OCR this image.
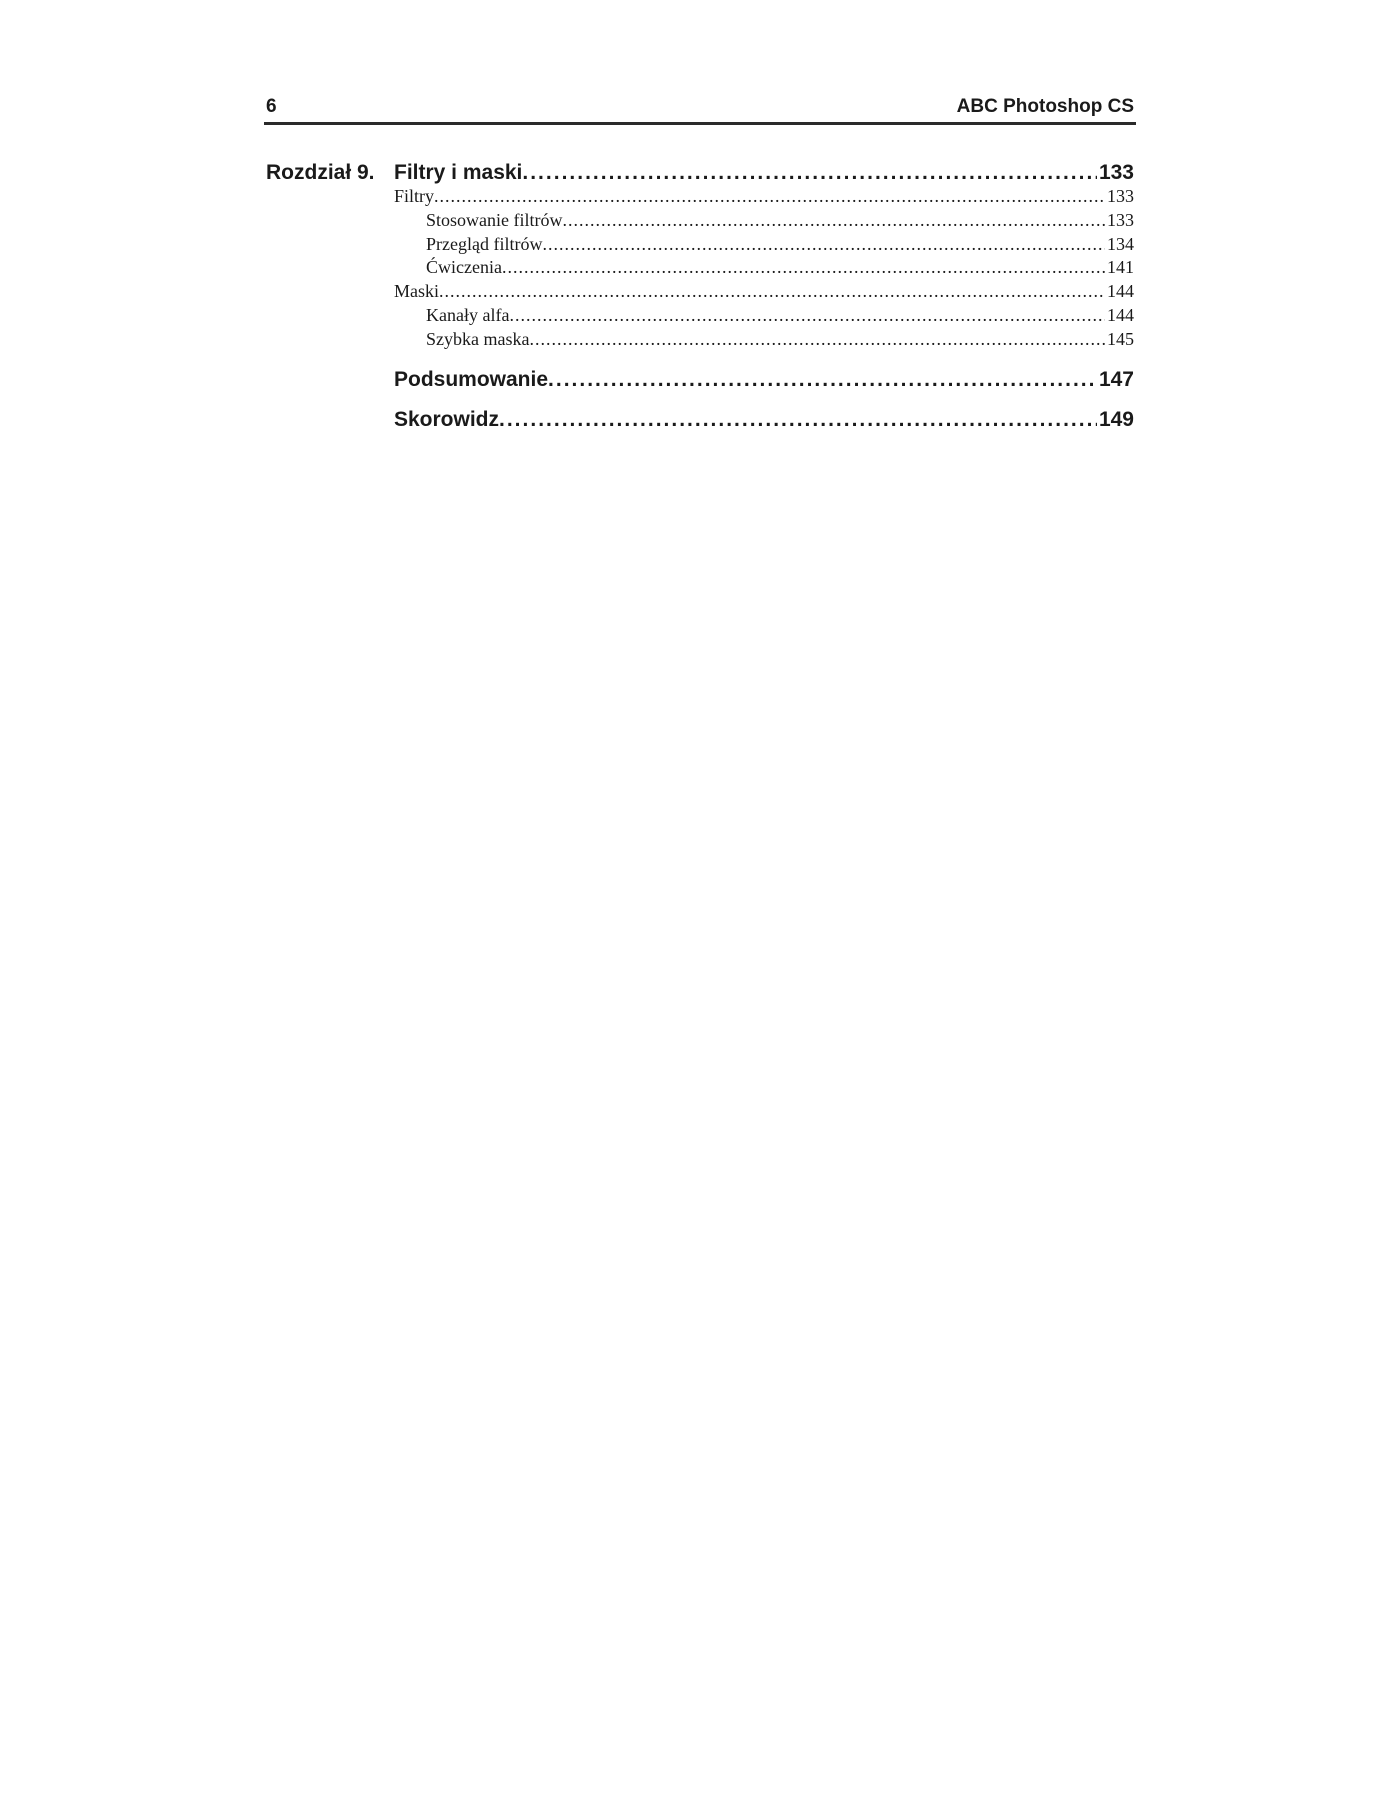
6	ABC Photoshop CS
Rozdział 9. Filtry i maski .....	133
Filtry .....	133
Stosowanie filtrów .....	133
Przegląd filtrów .....	134
Ćwiczenia .....	141
Maski .....	144
Kanały alfa .....	144
Szybka maska .....	145
Podsumowanie .....	147
Skorowidz .....	149
